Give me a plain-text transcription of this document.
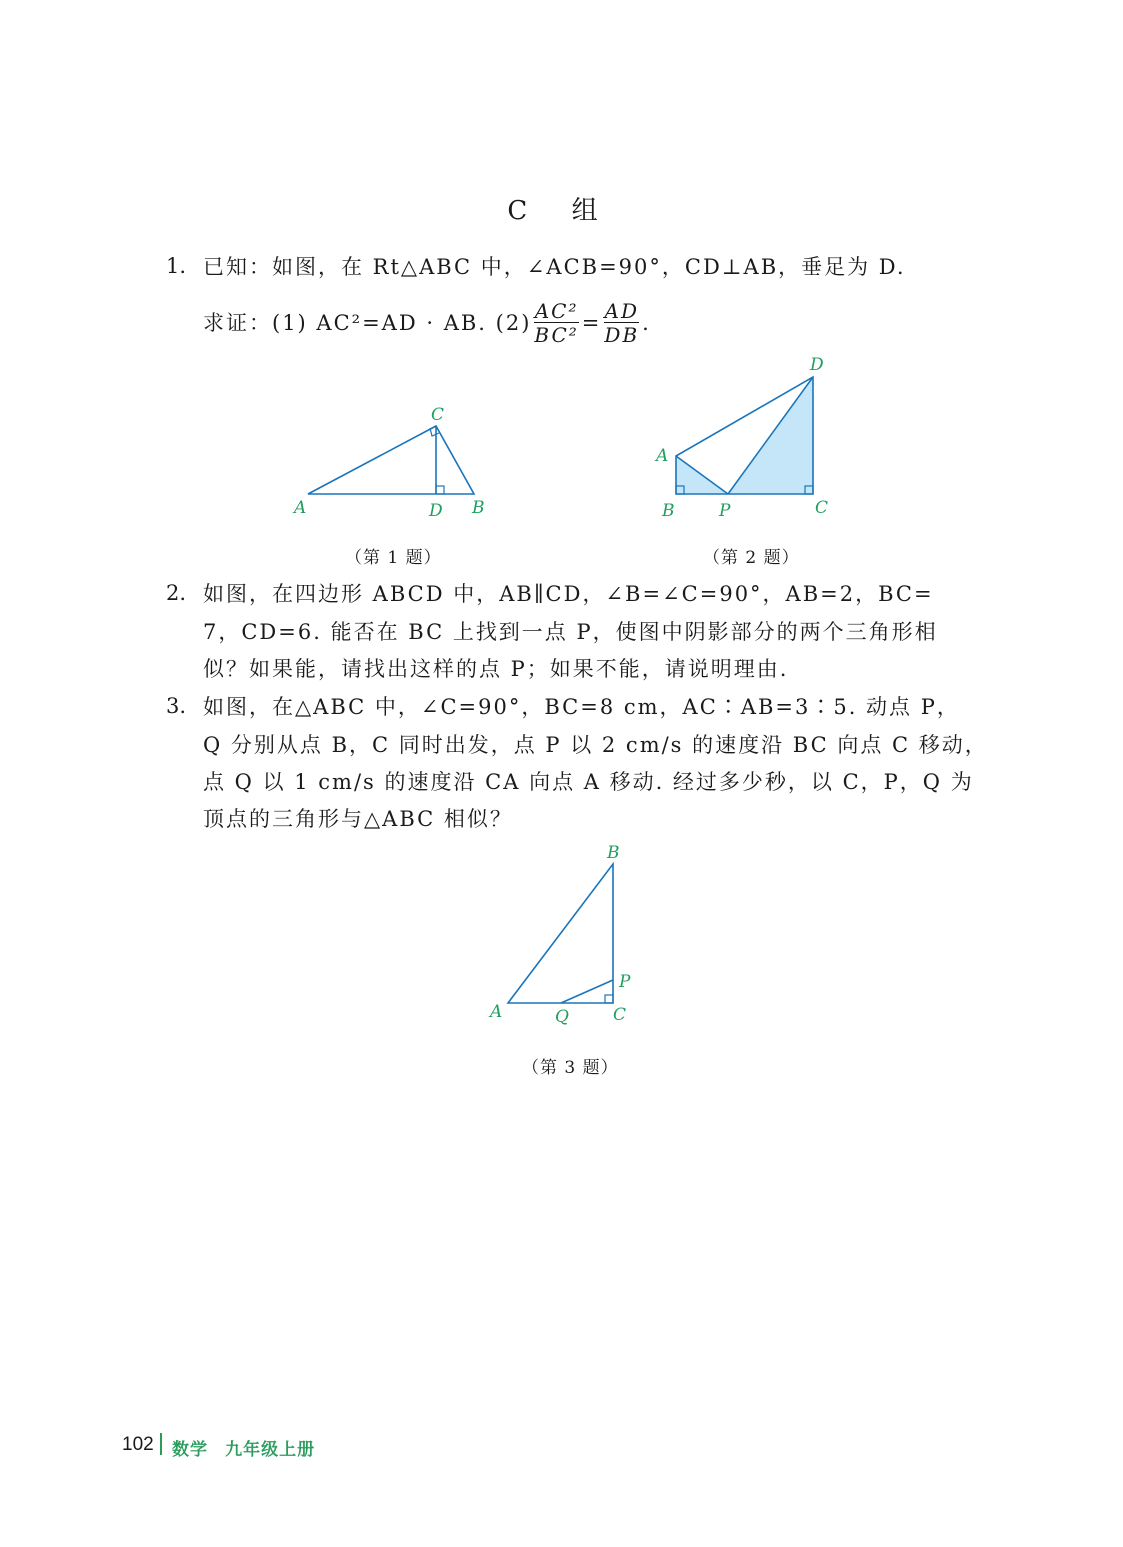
C 组
1. 已知：如图，在 Rt△ABC 中，∠ACB=90°，CD⊥AB，垂足为 D.
求证：(1) AC²=AD · AB. $(2) \frac{\text{AC²}}{\text{BC²}} = \frac{AD}{DB}$ .
A	D B
C
A
B	P	C
D
A	Q	C
P
B
（第 1 题）	（第 2 题）
2. 如图，在四边形 ABCD 中，AB∥CD，∠B=∠C=90°，AB=2，BC=
7，CD=6. 能否在 BC 上找到一点 P，使图中阴影部分的两个三角形相
似？如果能，请找出这样的点 P；如果不能，请说明理由.
3. 如图，在△ABC 中，∠C=90°，BC=8 cm，AC∶AB=3∶5. 动点 P，
Q 分别从点 B，C 同时出发，点 P 以 2 cm/s 的速度沿 BC 向点 C 移动，
点 Q 以 1 cm/s 的速度沿 CA 向点 A 移动. 经过多少秒，以 C，P，Q 为
顶点的三角形与△ABC 相似？
（第 3 题）
102 数学   九年级上册
